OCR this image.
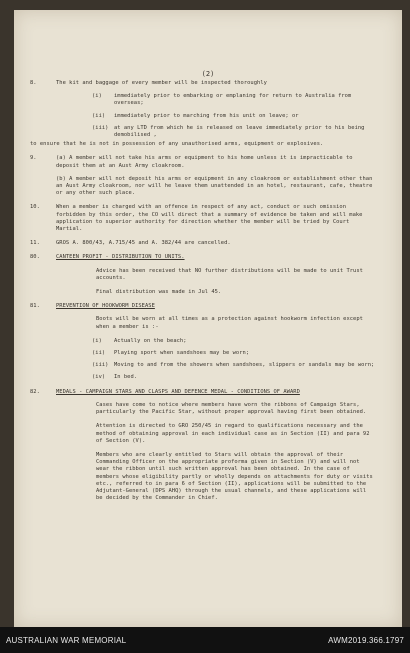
(2)
8.	The kit and baggage of every member will be inspected thoroughly
(i)	immediately prior to embarking or emplaning for return to Australia from overseas;
(ii)	immediately prior to marching from his unit on leave; or
(iii)	at any LTD from which he is released on leave immediately prior to his being demobilised ,

to ensure that he is not in possession of any unauthorised arms, equipment or explosives.

9.	(a) A member will not take his arms or equipment to his home unless it is impracticable to deposit them at an Aust Army cloakroom.

(b) A member will not deposit his arms or equipment in any cloakroom or establishment other than an Aust Army cloakroom, nor will he leave them unattended in an hotel, restaurant, cafe, theatre or any other such place.

10.	When a member is charged with an offence in respect of any act, conduct or such omission forbidden by this order, the CO will direct that a summary of evidence be taken and will make application to superior authority for direction whether the member will be tried by Court Martial.
11.	GROS A. 800/43, A.715/45 and A. 382/44 are cancelled.
80.	CANTEEN PROFIT - DISTRIBUTION TO UNITS.

Advice has been received that NO further distributions will be made to unit Trust accounts.

Final distribution was made in Jul 45.

81.	PREVENTION OF HOOKWORM DISEASE

Boots will be worn at all times as a protection against hookworm infection except when a member is :-

(i)	Actually on the beach;
(ii)	Playing sport when sandshoes may be worn;
(iii)	Moving to and from the showers when sandshoes, slippers or sandals may be worn;
(iv)	In bed.
82.	MEDALS - CAMPAIGN STARS AND CLASPS AND DEFENCE MEDAL - CONDITIONS OF AWARD

Cases have come to notice where members have worn the ribbons of Campaign Stars, particularly the Pacific Star, without proper approval having first been obtained.

Attention is directed to GRO 250/45 in regard to qualifications necessary and the method of obtaining approval in each individual case as in Section (II) and para 92 of Section (V).

Members who are clearly entitled to Stars will obtain the approval of their Commanding Officer on the appropriate proforma given in Section (V) and will not wear the ribbon until such written approval has been obtained. In the case of members whose eligibility partly or wholly depends on attachments for duty or visits etc., referred to in para 6 of Section (II), applications will be submitted to the Adjutant-General (DPS AHQ) through the usual channels, and these applications will be decided by the Commander in Chief.

AUSTRALIAN WAR MEMORIAL	AWM2019.366.1797
